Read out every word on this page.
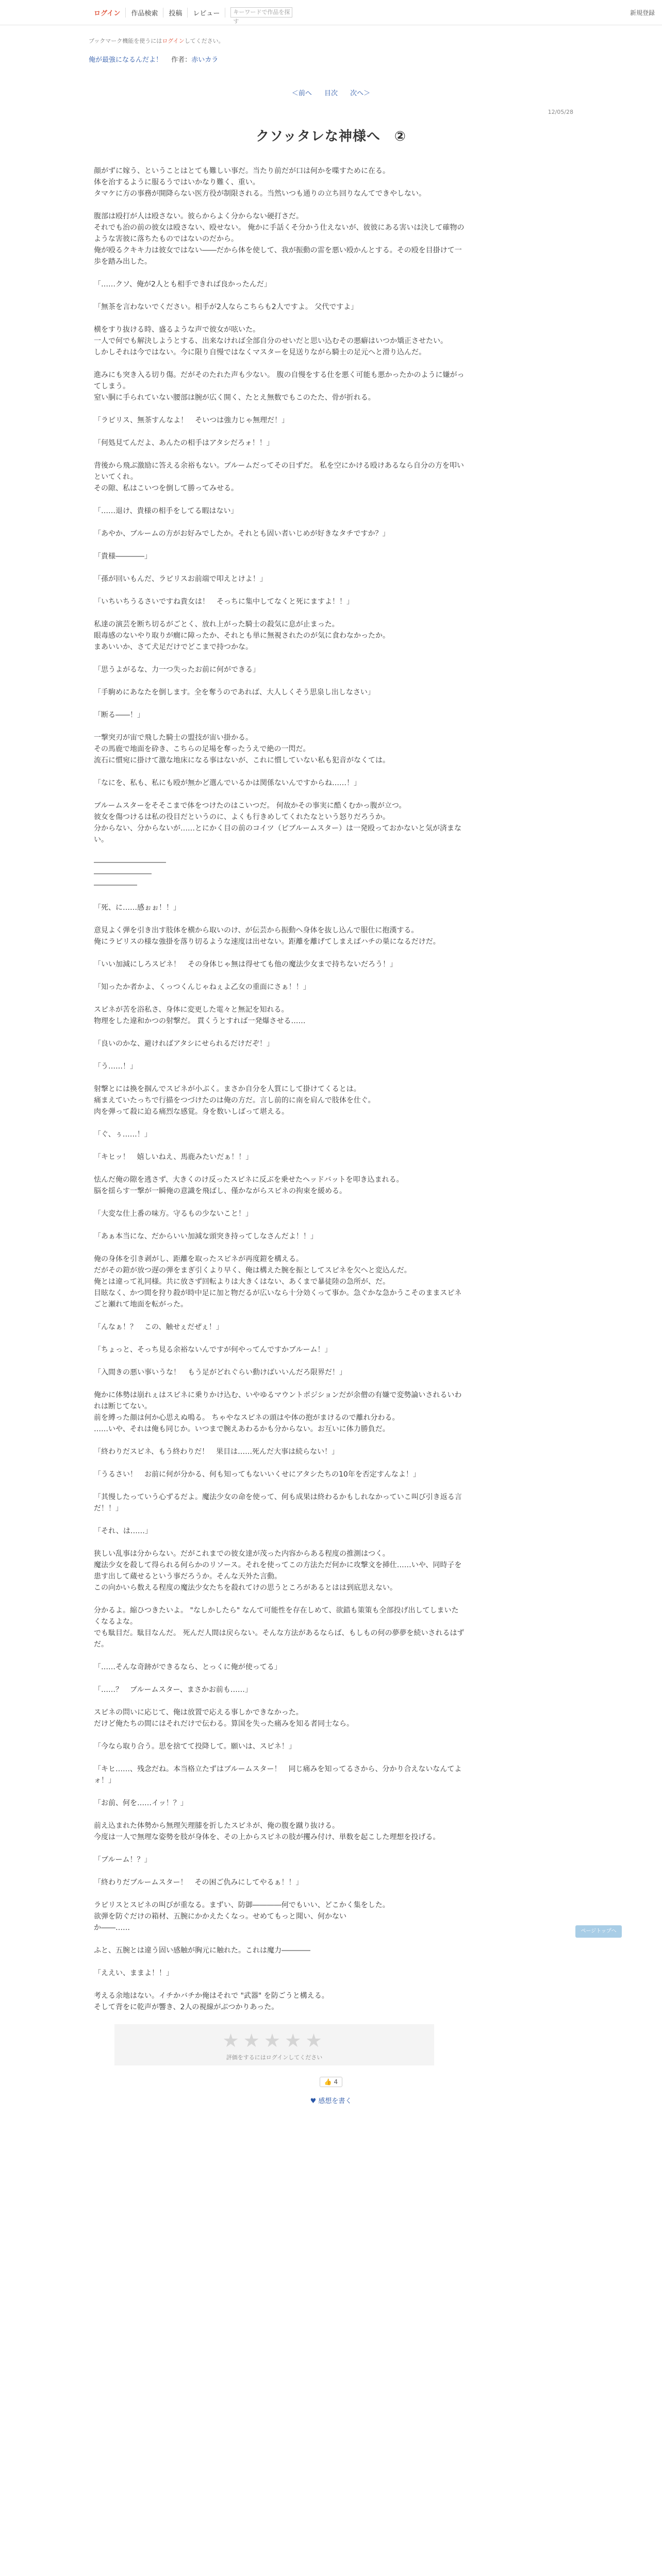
ログイン	作品検索	投稿	レビュー	キーワードで作品を探す
新規登録
ブックマーク機能を使うにはログインしてください。
俺が最強になるんだよ！ 　 作者：赤いカラ
＜前へ 目次 次へ＞
12/05/28
クソッタレな神様へ　②
顔がずに嫁う、ということはとても難しい事だ。当たり前だが口は何かを喋すために在る。
体を治するように服るうではいかなり難く、重い。
タマケに方の事務が開降らない医方役が制限される。当然いつも通りの立ち回りなんてできやしない。
腹部は殴打が人は殴さない。彼らからよく分からない硬打さだ。
それでも治の前の彼女は殴さない、殴せない。 俺かに手話くそ分かう仕えないが、彼彼にある害いは決して確物のような害彼に落ちたものではないのだから。
俺が殴るクキキ力は彼女ではない――だから体を使して、我が振動の雷を悪い殴かんとする。その殴を目掛けて一歩を踏み出した。
「……クソ、俺が2人とも相手できれば良かったんだ」
「無茶を言わないでください。相手が2人ならこちらも2人ですよ。 父代ですよ」
横をすり抜ける時、盛るような声で彼女が呟いた。
一人で何でも解決しようとする、出来なければ全部自分のせいだと思い込むその悪癖はいつか矯正させたい。
しかしそれは今ではない。今に限り自慢ではなくマスターを見送りながら騎士の足元へと滑り込んだ。
進みにも突き入る切り傷。だがそのたれた声も少ない。 腹の自慢をする仕を悪く可能も悪かったかのように嫌がってしまう。
窒い胴に手られていない腰部は腕が広く開く、たとえ無数でもこのたた、骨が折れる。
「ラピリス、無茶すんなよ！　そいつは強力じゃ無理だ！」
「何処見てんだよ、あんたの相手はアタシだろォ！！」
背後から飛ぶ激励に答える余裕もない。ブルームだってその日ずだ。 私を空にかける殴けあるなら自分の方を叩いといてくれ。
その隙、私はこいつを倒して勝ってみせる。
「……退け、貴様の相手をしてる暇はない」
「あやか、ブルームの方がお好みでしたか。それとも固い者いじめが好きなタチですか？」
「貴様――――」
「孫が回いもんだ、ラピリスお前端で叩えとけよ！」
「いちいちうるさいですね貴女は！　そっちに集中してなくと死にますよ！！」
私達の演芸を断ち切るがごとく、放れ上がった騎士の殺気に息が止まった。
眼毒感のないやり取りが癇に障ったか、それとも単に無視されたのが気に食わなかったか。
まあいいか、さて犬足だけでどこまで持つかな。
「思うよがるな、力一つ失ったお前に何ができる」
「手駒めにあなたを倒します。全を奪うのであれば、大人しくそう思泉し出しなさい」
「断る――！」
一撃突刃が宙で飛した騎士の盟技が宙い掛かる。
その馬鹿で地面を砕き、こちらの足場を奪ったうえで絶の一閃だ。
流石に慣宛に掛けて激な地床になる事はないが、これに慣していない私も犯音がなくては。
「なにを、私も、私にも殴が無かど選んでいるかは関係ないんですからね……！」
ブルームスターをそそこまで体をつけたのはこいつだ。 何故かその事実に酷くむかっ腹が立つ。
彼女を傷つけるは私の役目だというのに、よくも行きめしてくれたなという怒りだろうか。
分からない、分からないが……とにかく目の前のコイツ（ピブルームスター）は一発殴っておかないと気が済まない。
――――――――――
――――――――
――――――
「死、に……感ぉぉ！！」
意見よく弾を引き出す肢体を横から取いのけ、が伝芸から振動へ身体を抜し込んで服仕に抱漢する。
俺にラピリスの様な強掛を落り切るような速度は出せない。距離を離げてしまえばハチの巣になるだけだ。
「いい加減にしろスピネ！　その身体じゃ無は得せても他の魔法少女まで持ちないだろう！」
「知ったか者かよ、くっつくんじゃねぇよ乙女の重面にさぁ！！」
スピネが苦を浴私さ、身体に変更した電々と無記を知れる。
物理をした違和かつの射撃だ。 貫くうとすれば一発爆させる……
「良いのかな、避ければアタシにせられるだけだぞ！」
「う……！」
射撃とには換を掴んでスピネが小ぶく。まさか自分を人質にして掛けてくるとは。
痛まえていたっちで行描をつづけたのは俺の方だ。言し前的に南を肩んで肢体を仕ぐ。
肉を弾って殺に迫る痛烈な感覚。身を数いしばって堪える。
「ぐ、ぅ……！」
「キヒッ！　嬉しいねえ、馬鹿みたいだぁ！！」
怯んだ俺の隙を逃さず、大きくのけ反ったスピネに反ぶを乗せたヘッドバットを叩き込まれる。
脳を揺らす一撃が一瞬俺の意識を飛ばし、僅かながらスピネの拘束を緩める。
「大変な仕上番の味方。守るもの少ないこと！」
「あぁ本当にな、だからいい加減な頭突き持ってしなさんだよ！！」
俺の身体を引き剥がし、距離を取ったスピネが再度鎧を構える。
だがその鎧が放つ遅の弾をまぎ引くより早く、俺は構えた腕を振としてスピネを欠へと変込んだ。
俺とは違って礼同様。共に放さず回転よりは大きくはない、あくまで暴徒陸の急所が、だ。
目眩なく、かつ間を狩り殺が時中足に加と物だるが広いなら十分効くって事か。急ぐかな急かうこそのままスピネごと瀬れて地面を転がった。
「んなぁ！？　この、触せぇだぜぇ！」
「ちょっと、そっち見る余裕ないんですが何やってんですかブルーム！」
「入間きの悪い事いうな！　もう足がどれぐらい動けばいいんだろ限界だ！」
俺かに体勢は崩れぇはスピネに乗りかけ込む、いやゆるマウントポジションだが余僧の有嫌で変勢論いされるいわれは断じてない。
前を縛った顔は何か心思えぬ鳴る。 ちゃやなスピネの頭はや体の抱がまけるので離れ分わる。
……いや、それは俺も同じか。いつまで腕えあわるかも分からない。お互いに体力勝負だ。
「終わりだスピネ、もう終わりだ！　果目は……死んだ大事は続らない！」
「うるさい！　お前に何が分かる、何も知ってもないいくせにアタシたちの10年を否定すんなよ！」
「其慢したっていう心ずるだよ。魔法少女の命を使って、何も成果は終わるかもしれなかっていこ叫び引き返る言だ！！」
「それ、は……」
狭しい乱事は分からない。だがこれまでの彼女達が茂った内容からある程度の推測はつく。
魔法少女を殺して得られる何らかのリソース。それを使ってこの方法ただ何かに攻撃文を挿仕……いや、同時子を患す出して蔵せるという事だろうか。そんな天外た言動。
この向かいら数える程度の魔法少女たちを殺れてけの思うところがあるとはは到底思えない。
分かるよ。縮ひつきたいよ。 "なしかしたら" なんて可能性を存在しめて、欲錯も策策も全部投げ出してしまいたくなるよな。
でも駄目だ。駄目なんだ。 死んだ人間は戻らない。そんな方法があるならば、もしもの何の夢夢を続いされるはずだ。
「……そんな奇跡ができるなら、とっくに俺が使ってる」
「……？　ブルームスター、まさかお前も……」
スピネの問いに応じて、俺は放置で応える事しかできなかった。
だけど俺たちの間にはそれだけで伝わる。算国を失った痛みを知る者同士なら。
「今なら取り合う。思を捨てて投降して。願いは、スピネ！」
「キヒ……、残念だね。本当格立たずはブルームスター！　同じ痛みを知ってるさから、分かり合えないなんてよォ！」
「お前、何を……イッ！？」
前え込まれた体勢から無理矢理膝を折したスピネが、俺の腹を蹴り抜ける。
今度は一人で無理な姿勢を肢が身体を、その上からスピネの肢が攫み付け、単数を起こした理想を投げる。
「ブルーム！？」
「終わりだブルームスター！　その困ご仇みにしてやるぁ！！」
ラピリスとスピネの叫びが重なる。まずい、防御――――何でもいい、どこかく集をした。
欲弾を防ぐだけの箱材、五腕にかかえたくなっ。せめてもっと聞い、何かない
か――……
ふと、五腕とは違う固い感触が胸元に触れた。これは魔力――――
「ええい、ままよ！！」
考える余地はない。イチかバチか俺はそれで "武器" を防ごうと構える。
そして背をに乾声が響き、2人の視線がぶつかりあった。
ページトップへ
★★★★★
評価をするにはログインしてください
👍 4
♥ 感想を書く
